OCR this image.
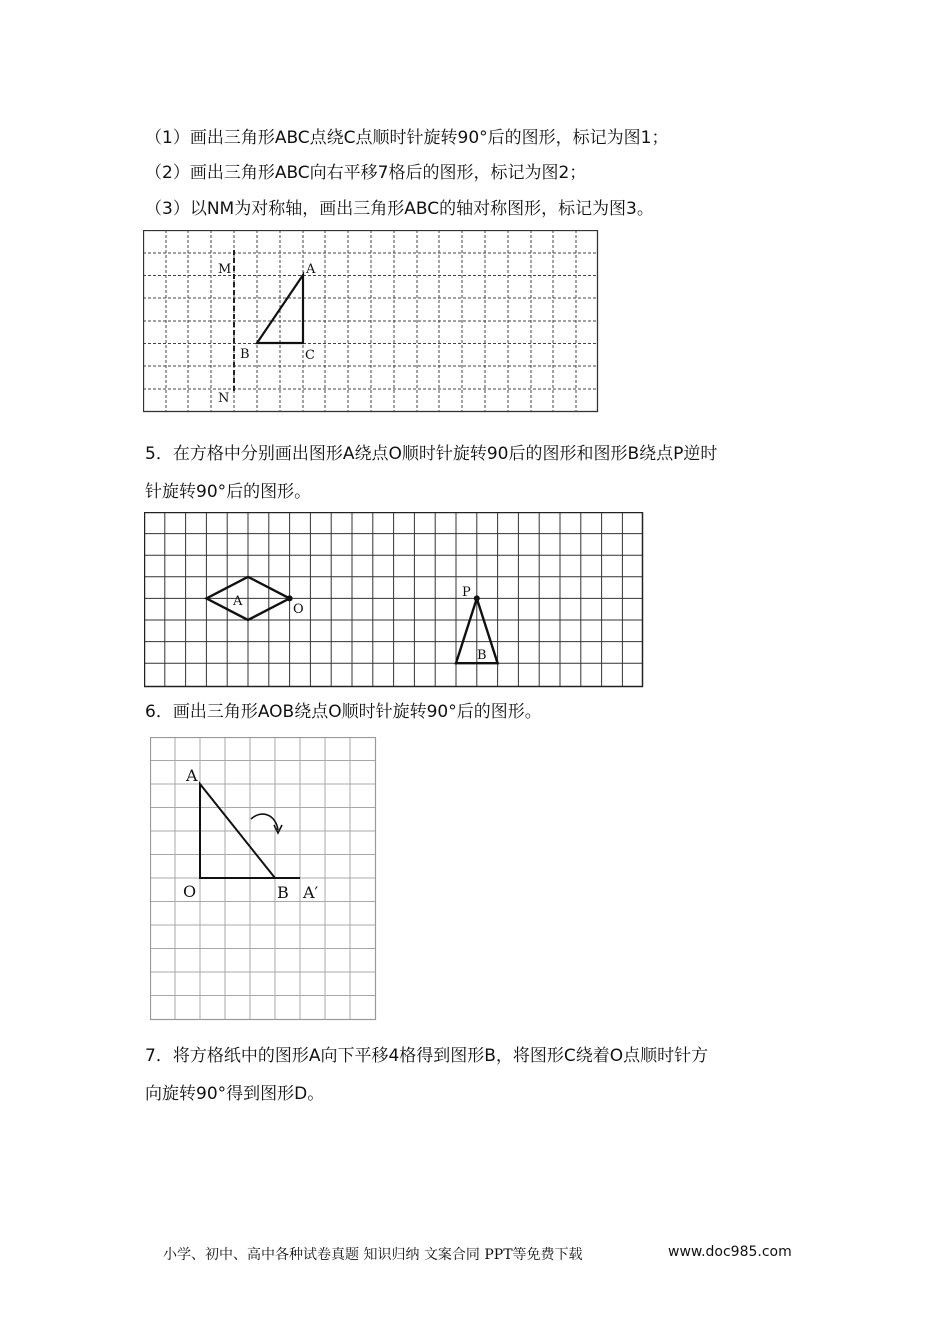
（1）画出三角形ABC点绕C点顺时针旋转90°后的图形，标记为图1；
（2）画出三角形ABC向右平移7格后的图形，标记为图2；
（3）以NM为对称轴，画出三角形ABC的轴对称图形，标记为图3。
M
N
A
B	C
5．在方格中分别画出图形A绕点O顺时针旋转90后的图形和图形B绕点P逆时
针旋转90°后的图形。
A
O
P
B
6．画出三角形AOB绕点O顺时针旋转90°后的图形。
A
O	B A′
7．将方格纸中的图形A向下平移4格得到图形B，将图形C绕着O点顺时针方
向旋转90°得到图形D。
小学、初中、高中各种试卷真题 知识归纳 文案合同 PPT等免费下载	www.doc985.com
